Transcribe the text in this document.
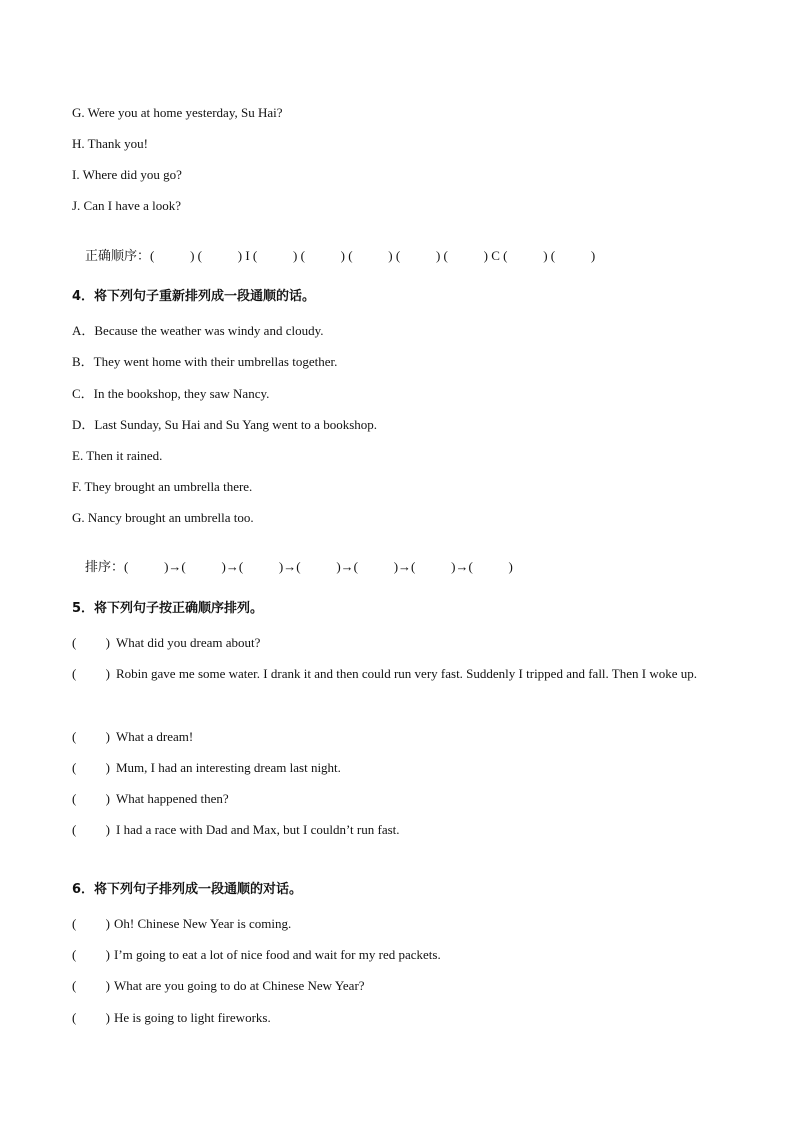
G. Were you at home yesterday, Su Hai?
H. Thank you!
I. Where did you go?
J. Can I have a look?

正确顺序：(           ) (           ) I (           ) (           ) (           ) (           ) (           ) C (           ) (           )

4．将下列句子重新排列成一段通顺的话。
A．Because the weather was windy and cloudy.
B．They went home with their umbrellas together.
C．In the bookshop, they saw Nancy.
D．Last Sunday, Su Hai and Su Yang went to a bookshop.
E. Then it rained.
F. They brought an umbrella there.
G. Nancy brought an umbrella too.

排序：(           )→(           )→(           )→(           )→(           )→(           )→(           )

5．将下列句子按正确顺序排列。
(         ) What did you dream about?
(         ) Robin gave me some water. I drank it and then could run very fast. Suddenly I tripped and fall. Then I woke up.
(         ) What a dream!
(         ) Mum, I had an interesting dream last night.
(         ) What happened then?
(         ) I had a race with Dad and Max, but I couldn’t run fast.
6．将下列句子排列成一段通顺的对话。
(         ) Oh! Chinese New Year is coming.
(         ) I’m going to eat a lot of nice food and wait for my red packets.
(         ) What are you going to do at Chinese New Year?
(         ) He is going to light fireworks.
